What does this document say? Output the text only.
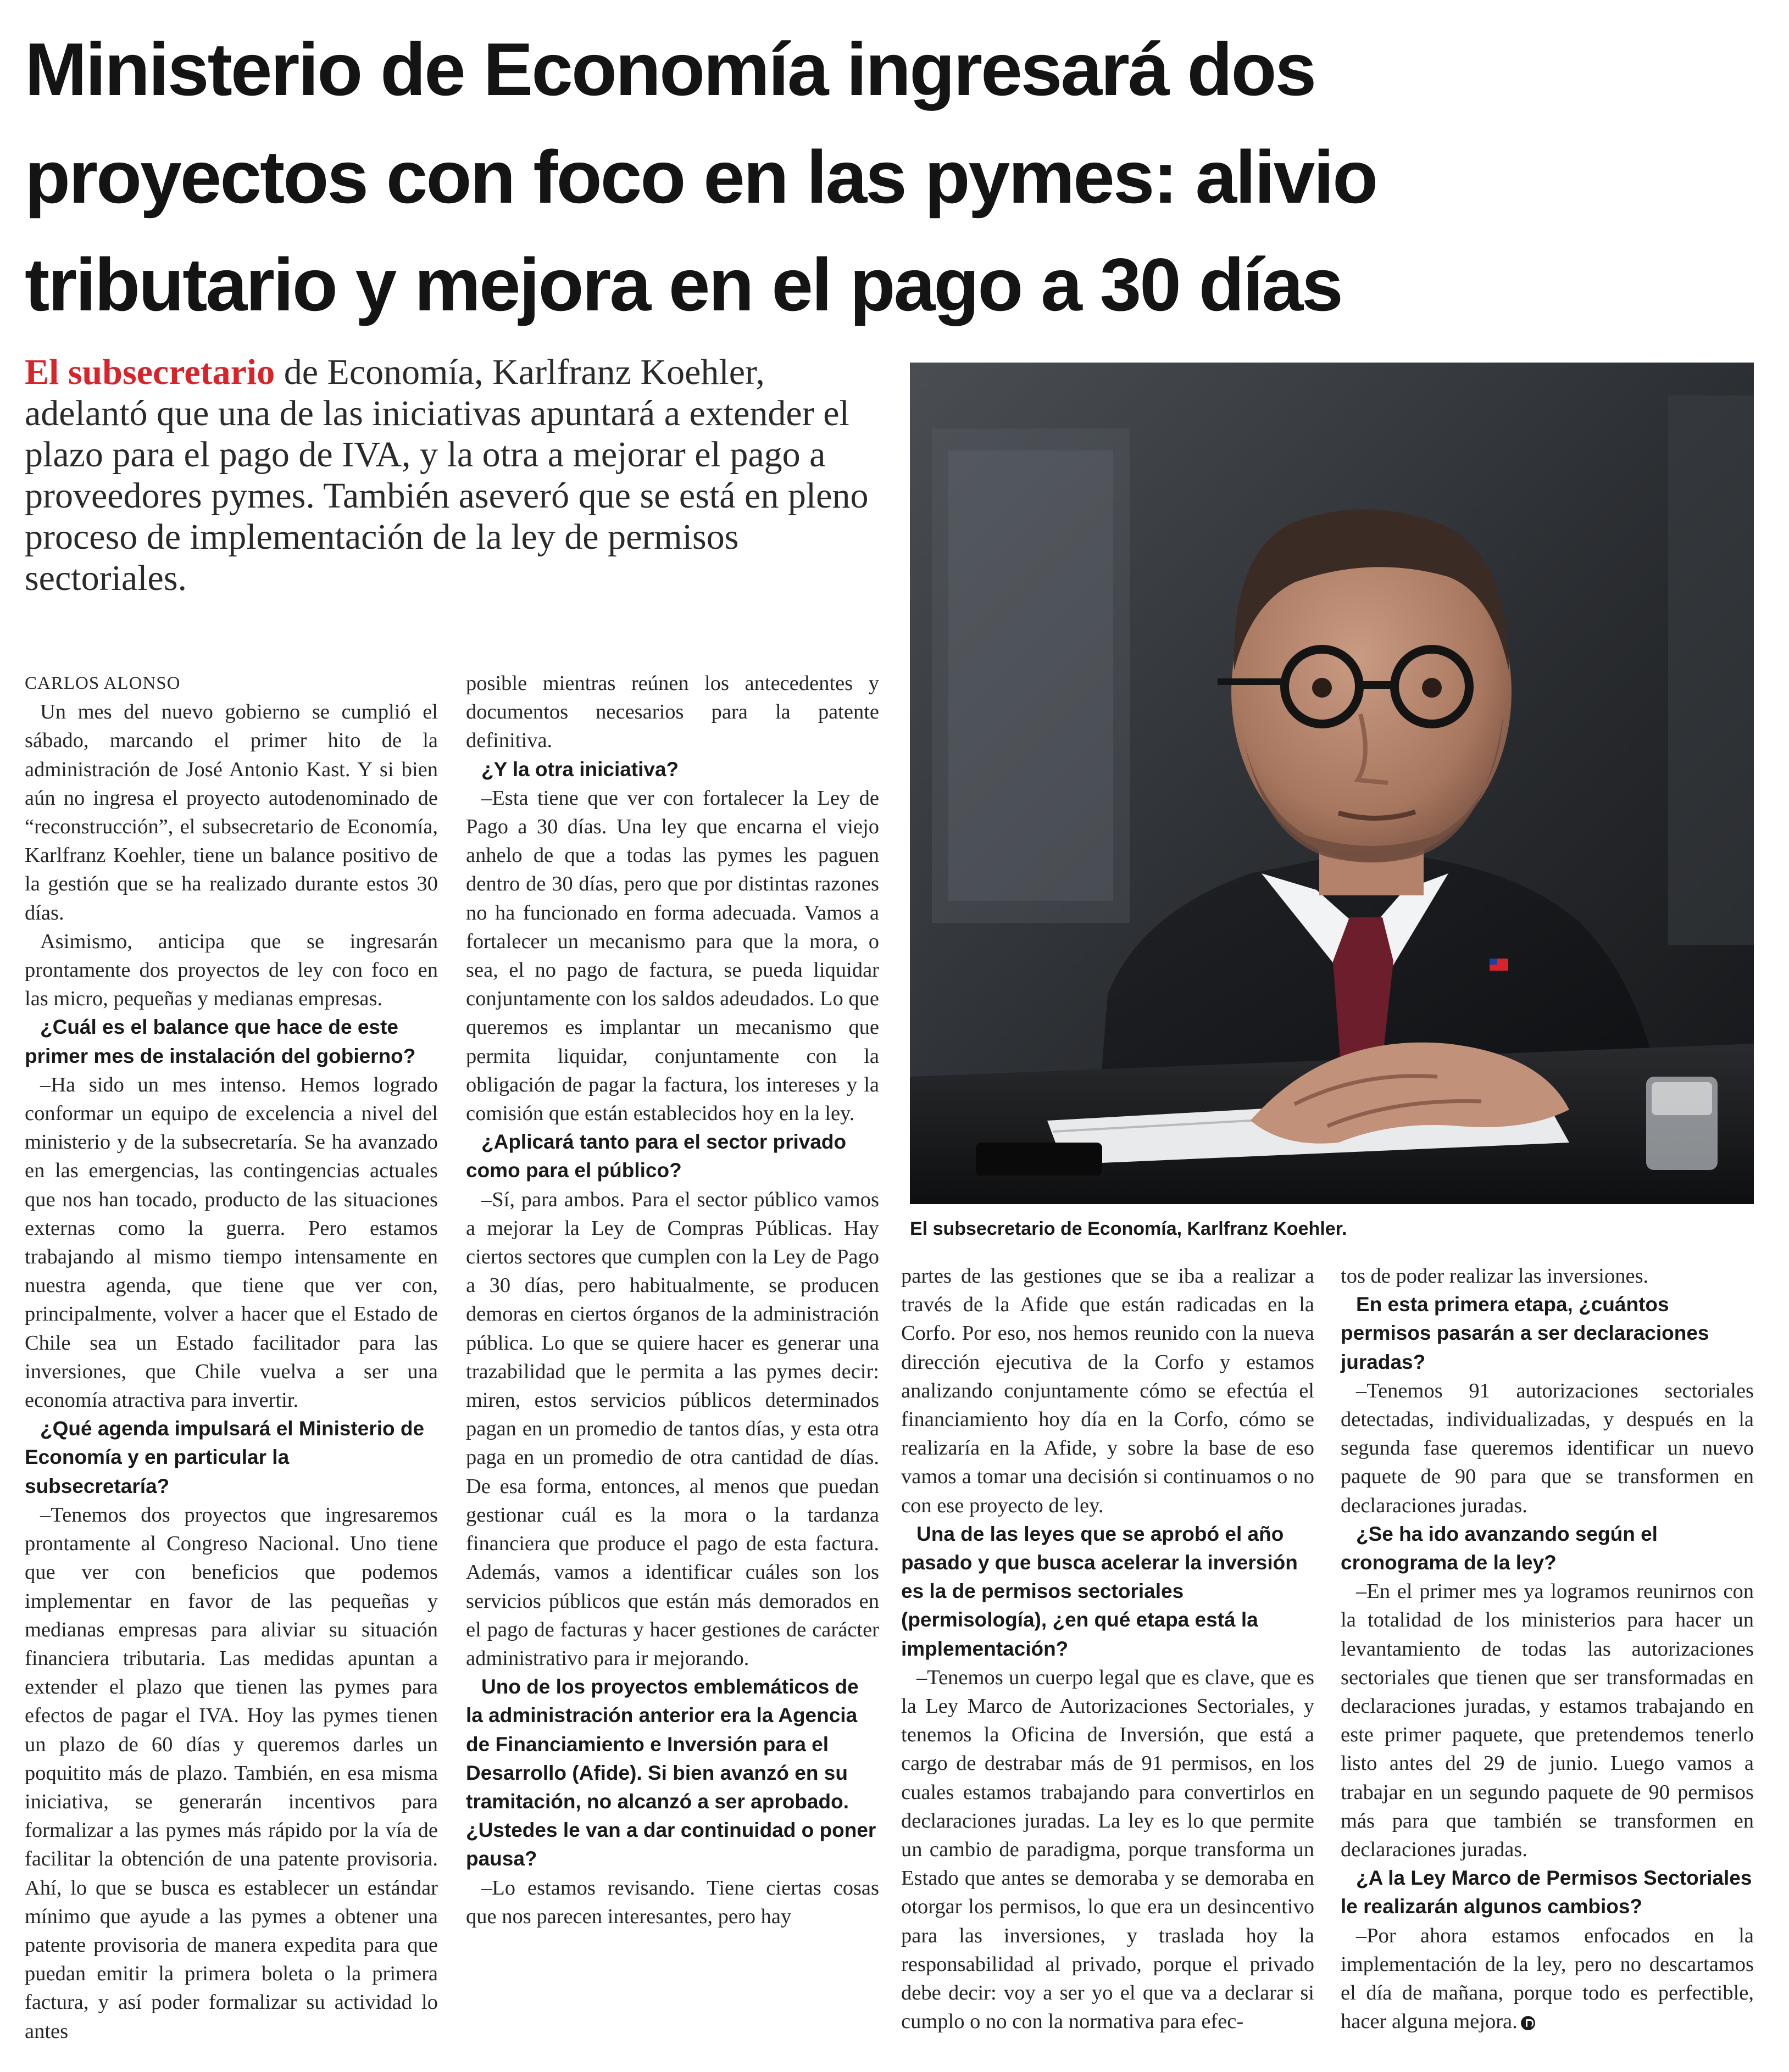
Ministerio de Economía ingresará dos
proyectos con foco en las pymes: alivio
tributario y mejora en el pago a 30 días

El subsecretario de Economía, Karlfranz Koehler, adelantó que una de las iniciativas apuntará a extender el plazo para el pago de IVA, y la otra a mejorar el pago a proveedores pymes. También aseveró que se está en pleno proceso de implementación de la ley de permisos sectoriales.

El subsecretario de Economía, Karlfranz Koehler.

CARLOS ALONSO

Un mes del nuevo gobierno se cumplió el sábado, marcando el primer hito de la administración de José Antonio Kast. Y si bien aún no ingresa el proyecto autodenominado de “reconstrucción”, el subsecretario de Economía, Karlfranz Koehler, tiene un balance positivo de la gestión que se ha realizado durante estos 30 días.

Asimismo, anticipa que se ingresarán prontamente dos proyectos de ley con foco en las micro, pequeñas y medianas empresas.

¿Cuál es el balance que hace de este primer mes de instalación del gobierno?

–Ha sido un mes intenso. Hemos logrado conformar un equipo de excelencia a nivel del ministerio y de la subsecretaría. Se ha avanzado en las emergencias, las contingencias actuales que nos han tocado, producto de las situaciones externas como la guerra. Pero estamos trabajando al mismo tiempo intensamente en nuestra agenda, que tiene que ver con, principalmente, volver a hacer que el Estado de Chile sea un Estado facilitador para las inversiones, que Chile vuelva a ser una economía atractiva para invertir.

¿Qué agenda impulsará el Ministerio de Economía y en particular la subsecretaría?

–Tenemos dos proyectos que ingresaremos prontamente al Congreso Nacional. Uno tiene que ver con beneficios que podemos implementar en favor de las pequeñas y medianas empresas para aliviar su situación financiera tributaria. Las medidas apuntan a extender el plazo que tienen las pymes para efectos de pagar el IVA. Hoy las pymes tienen un plazo de 60 días y queremos darles un poquitito más de plazo. También, en esa misma iniciativa, se generarán incentivos para formalizar a las pymes más rápido por la vía de facilitar la obtención de una patente provisoria. Ahí, lo que se busca es establecer un estándar mínimo que ayude a las pymes a obtener una patente provisoria de manera expedita para que puedan emitir la primera boleta o la primera factura, y así poder formalizar su actividad lo antes

posible mientras reúnen los antecedentes y documentos necesarios para la patente definitiva.

¿Y la otra iniciativa?

–Esta tiene que ver con fortalecer la Ley de Pago a 30 días. Una ley que encarna el viejo anhelo de que a todas las pymes les paguen dentro de 30 días, pero que por distintas razones no ha funcionado en forma adecuada. Vamos a fortalecer un mecanismo para que la mora, o sea, el no pago de factura, se pueda liquidar conjuntamente con los saldos adeudados. Lo que queremos es implantar un mecanismo que permita liquidar, conjuntamente con la obligación de pagar la factura, los intereses y la comisión que están establecidos hoy en la ley.

¿Aplicará tanto para el sector privado como para el público?

–Sí, para ambos. Para el sector público vamos a mejorar la Ley de Compras Públicas. Hay ciertos sectores que cumplen con la Ley de Pago a 30 días, pero habitualmente, se producen demoras en ciertos órganos de la administración pública. Lo que se quiere hacer es generar una trazabilidad que le permita a las pymes decir: miren, estos servicios públicos determinados pagan en un promedio de tantos días, y esta otra paga en un promedio de otra cantidad de días. De esa forma, entonces, al menos que puedan gestionar cuál es la mora o la tardanza financiera que produce el pago de esta factura. Además, vamos a identificar cuáles son los servicios públicos que están más demorados en el pago de facturas y hacer gestiones de carácter administrativo para ir mejorando.

Uno de los proyectos emblemáticos de la administración anterior era la Agencia de Financiamiento e Inversión para el Desarrollo (Afide). Si bien avanzó en su tramitación, no alcanzó a ser aprobado. ¿Ustedes le van a dar continuidad o poner pausa?

–Lo estamos revisando. Tiene ciertas cosas que nos parecen interesantes, pero hay

partes de las gestiones que se iba a realizar a través de la Afide que están radicadas en la Corfo. Por eso, nos hemos reunido con la nueva dirección ejecutiva de la Corfo y estamos analizando conjuntamente cómo se efectúa el financiamiento hoy día en la Corfo, cómo se realizaría en la Afide, y sobre la base de eso vamos a tomar una decisión si continuamos o no con ese proyecto de ley.

Una de las leyes que se aprobó el año pasado y que busca acelerar la inversión es la de permisos sectoriales (permisología), ¿en qué etapa está la implementación?

–Tenemos un cuerpo legal que es clave, que es la Ley Marco de Autorizaciones Sectoriales, y tenemos la Oficina de Inversión, que está a cargo de destrabar más de 91 permisos, en los cuales estamos trabajando para convertirlos en declaraciones juradas. La ley es lo que permite un cambio de paradigma, porque transforma un Estado que antes se demoraba y se demoraba en otorgar los permisos, lo que era un desincentivo para las inversiones, y traslada hoy la responsabilidad al privado, porque el privado debe decir: voy a ser yo el que va a declarar si cumplo o no con la normativa para efec-

tos de poder realizar las inversiones.

En esta primera etapa, ¿cuántos permisos pasarán a ser declaraciones juradas?

–Tenemos 91 autorizaciones sectoriales detectadas, individualizadas, y después en la segunda fase queremos identificar un nuevo paquete de 90 para que se transformen en declaraciones juradas.

¿Se ha ido avanzando según el cronograma de la ley?

–En el primer mes ya logramos reunirnos con la totalidad de los ministerios para hacer un levantamiento de todas las autorizaciones sectoriales que tienen que ser transformadas en declaraciones juradas, y estamos trabajando en este primer paquete, que pretendemos tenerlo listo antes del 29 de junio. Luego vamos a trabajar en un segundo paquete de 90 permisos más para que también se transformen en declaraciones juradas.

¿A la Ley Marco de Permisos Sectoriales le realizarán algunos cambios?

–Por ahora estamos enfocados en la implementación de la ley, pero no descartamos el día de mañana, porque todo es perfectible, hacer alguna mejora.
